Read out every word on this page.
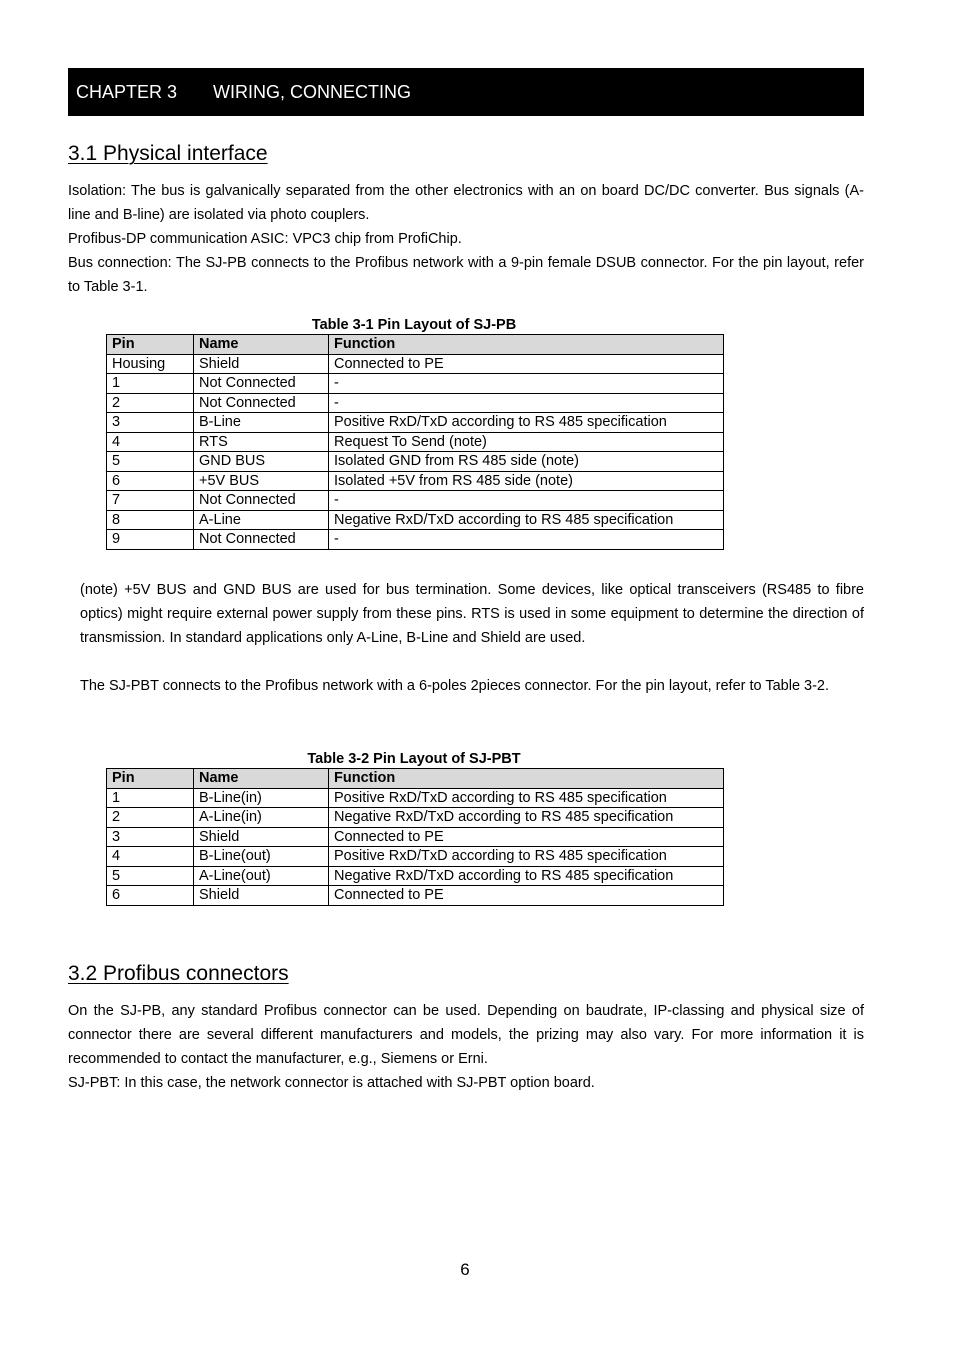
CHAPTER 3 WIRING, CONNECTING
3.1 Physical interface

Isolation: The bus is galvanically separated from the other electronics with an on board DC/DC converter. Bus signals (A-line and B-line) are isolated via photo couplers.

Profibus-DP communication ASIC: VPC3 chip from ProfiChip.

Bus connection: The SJ-PB connects to the Profibus network with a 9-pin female DSUB connector. For the pin layout, refer to Table 3-1.

Table 3-1 Pin Layout of SJ-PB
Pin	Name	Function
Housing	Shield	Connected to PE
1	Not Connected	-
2	Not Connected	-
3	B-Line	Positive RxD/TxD according to RS 485 specification
4	RTS	Request To Send (note)
5	GND BUS	Isolated GND from RS 485 side (note)
6	+5V BUS	Isolated +5V from RS 485 side (note)
7	Not Connected	-
8	A-Line	Negative RxD/TxD according to RS 485 specification
9	Not Connected	-

(note) +5V BUS and GND BUS are used for bus termination. Some devices, like optical transceivers (RS485 to fibre optics) might require external power supply from these pins. RTS is used in some equipment to determine the direction of transmission. In standard applications only A-Line, B-Line and Shield are used.

The SJ-PBT connects to the Profibus network with a 6-poles 2pieces connector. For the pin layout, refer to Table 3-2.

Table 3-2 Pin Layout of SJ-PBT
Pin	Name	Function
1	B-Line(in)	Positive RxD/TxD according to RS 485 specification
2	A-Line(in)	Negative RxD/TxD according to RS 485 specification
3	Shield	Connected to PE
4	B-Line(out)	Positive RxD/TxD according to RS 485 specification
5	A-Line(out)	Negative RxD/TxD according to RS 485 specification
6	Shield	Connected to PE
3.2 Profibus connectors

On the SJ-PB, any standard Profibus connector can be used. Depending on baudrate, IP-classing and physical size of connector there are several different manufacturers and models, the prizing may also vary. For more information it is recommended to contact the manufacturer, e.g., Siemens or Erni.

SJ-PBT: In this case, the network connector is attached with SJ-PBT option board.

6
